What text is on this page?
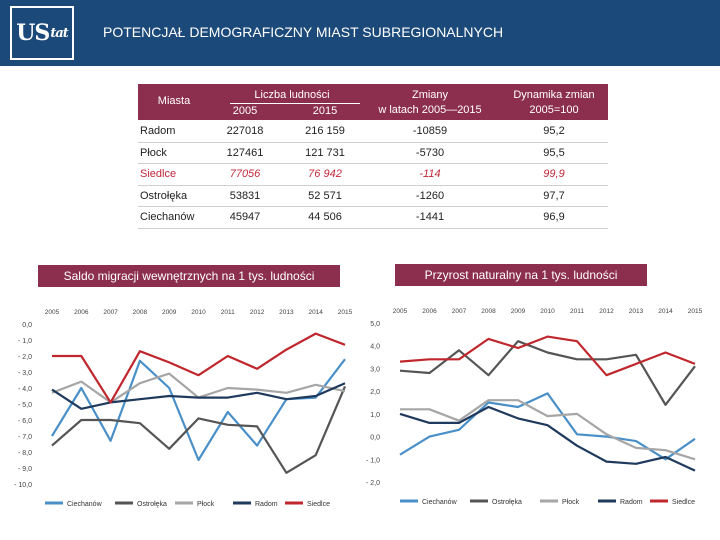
US tat	POTENCJAŁ DEMOGRAFICZNY MIAST SUBREGIONALNYCH
Miasta	Liczba ludności
2005	2015
Zmiany
w latach 2005—2015
Dynamika zmian
2005=100
Radom	227018	216 159	-10859	95,2
Płock	127461	121 731	-5730	95,5
Siedlce	77056	76 942	-114	99,9
Ostrołęka	53831	52 571	-1260	97,7
Ciechanów	45947	44 506	-1441	96,9
Saldo migracji wewnętrznych na 1 tys. ludności	Przyrost naturalny na 1 tys. ludności
0,0
- 1,0
- 2,0
- 3,0
- 4,0
- 5,0
- 6,0
- 7,0
- 8,0
- 9,0
- 10,0
2005 2006 2007 2008 2009 2010 2011 2012 2013 2014 2015
Ciechanów	Ostrołęka	Płock	Radom	Siedlce
5,0
4,0
3,0
2,0
1,0
0,0
- 1,0
- 2,0
2005 2006 2007 2008 2009 2010 2011 2012 2013 2014 2015
Ciechanów	Ostrołęka	Płock	Radom	Siedlce
